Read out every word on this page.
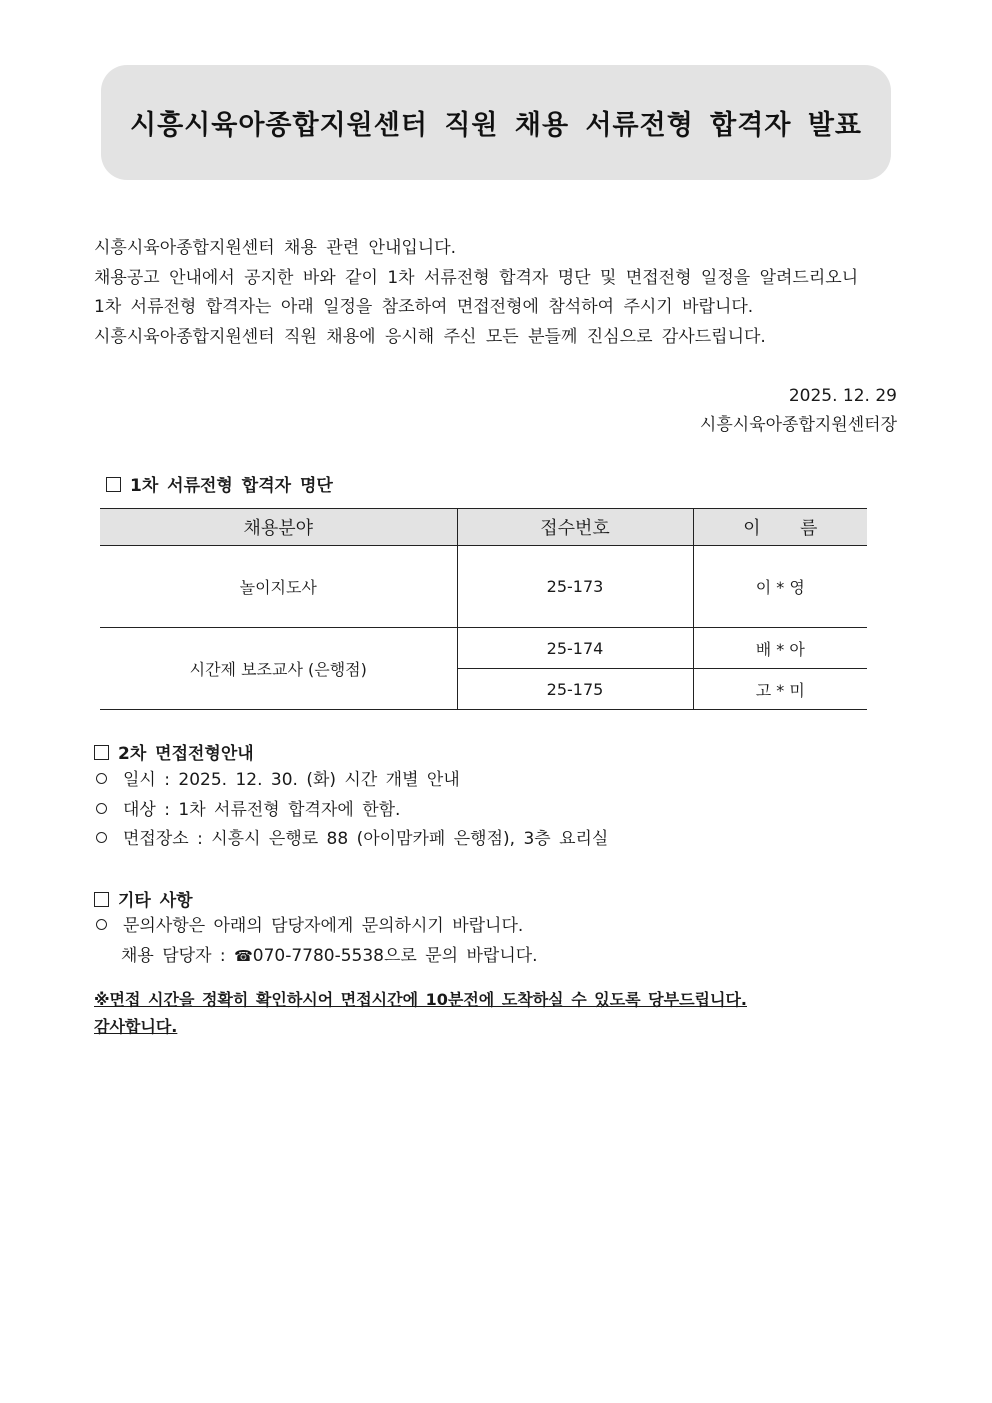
시흥시육아종합지원센터 직원 채용 서류전형 합격자 발표

시흥시육아종합지원센터 채용 관련 안내입니다.

채용공고 안내에서 공지한 바와 같이 1차 서류전형 합격자 명단 및 면접전형 일정을 알려드리오니

1차 서류전형 합격자는 아래 일정을 참조하여 면접전형에 참석하여 주시기 바랍니다.

시흥시육아종합지원센터 직원 채용에 응시해 주신 모든 분들께 진심으로 감사드립니다.

2025. 12. 29

시흥시육아종합지원센터장

1차 서류전형 합격자 명단
채용분야	접수번호	이  름
놀이지도사	25-173	이 * 영
시간제 보조교사 (은행점)	25-174	배 * 아
	25-175	고 * 미
2차 면접전형안내
일시 : 2025. 12. 30. (화) 시간 개별 안내
대상 : 1차 서류전형 합격자에 한함.
면접장소 : 시흥시 은행로 88 (아이맘카페 은행점), 3층 요리실
기타 사항
문의사항은 아래의 담당자에게 문의하시기 바랍니다.
채용 담당자 : ☎070-7780-5538으로 문의 바랍니다.

※면접 시간을 정확히 확인하시어 면접시간에 10분전에 도착하실 수 있도록 당부드립니다.

감사합니다.
